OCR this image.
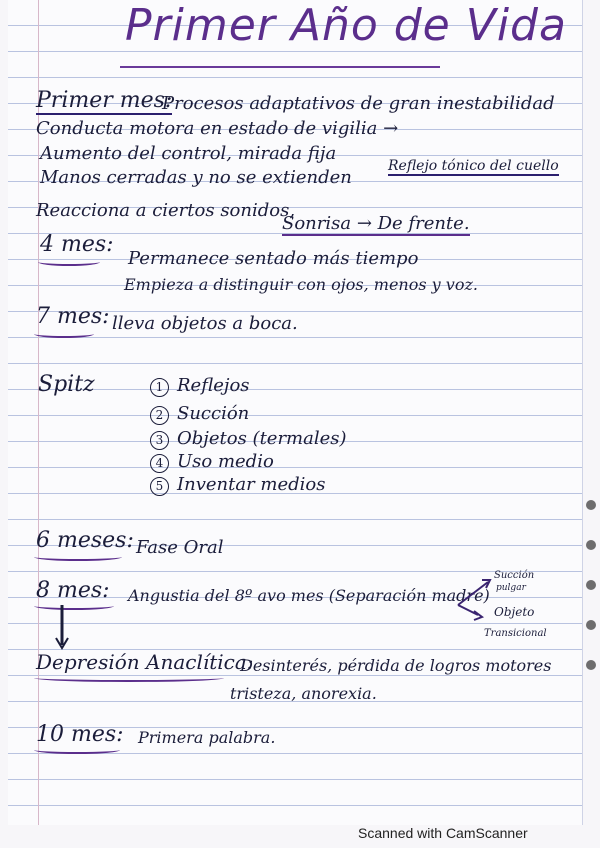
Primer Año de Vida
Primer mes:
Procesos adaptativos de gran inestabilidad
Conducta motora en estado de vigilia →
Reflejo tónico del cuello
Aumento del control, mirada fija
Manos cerradas y no se extienden
Reacciona a ciertos sonidos,
Sonrisa → De frente.
4 mes:
Permanece sentado más tiempo
Empieza a distinguir con ojos, menos y voz.
7 mes: lleva objetos a boca.
Spitz	1 Reflejos
2 Succión
3 Objetos (termales)
4 Uso medio
5 Inventar medios
6 meses: Fase Oral
8 mes: Angustia del 8º avo mes (Separación madre)
Succión
pulgar
Objeto
Transicional
Depresión Anaclítica:
Desinterés, pérdida de logros motores
tristeza, anorexia.
10 mes: Primera palabra.
Scanned with CamScanner
